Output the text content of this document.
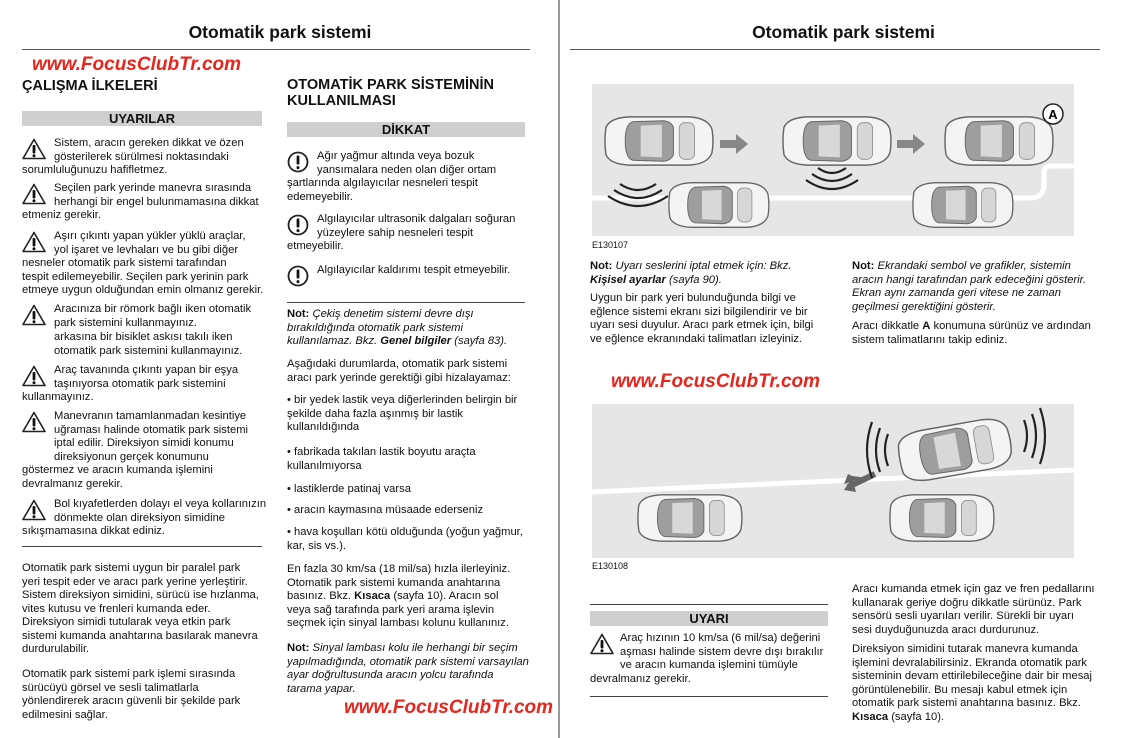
Otomatik park sistemi
ÇALIŞMA İLKELERİ
UYARILAR
Sistem, aracın gereken dikkat ve özen
gösterilerek sürülmesi noktasındaki
sorumluluğunuzu hafifletmez.
Seçilen park yerinde manevra sırasında
herhangi bir engel bulunmamasına dikkat
etmeniz gerekir.
Aşırı çıkıntı yapan yükler yüklü araçlar,
yol işaret ve levhaları ve bu gibi diğer
nesneler otomatik park sistemi tarafından
tespit edilemeyebilir. Seçilen park yerinin park
etmeye uygun olduğundan emin olmanız gerekir.
Aracınıza bir römork bağlı iken otomatik
park sistemini kullanmayınız.
arkasına bir bisiklet askısı takılı iken
otomatik park sistemini kullanmayınız.
Araç tavanında çıkıntı yapan bir eşya
taşınıyorsa otomatik park sistemini
kullanmayınız.
Manevranın tamamlanmadan kesintiye
uğraması halinde otomatik park sistemi
iptal edilir. Direksiyon simidi konumu
direksiyonun gerçek konumunu
göstermez ve aracın kumanda işlemini
devralmanız gerekir.
Bol kıyafetlerden dolayı el veya kollarınızın
dönmekte olan direksiyon simidine
sıkışmamasına dikkat ediniz.
Otomatik park sistemi uygun bir paralel park
yeri tespit eder ve aracı park yerine yerleştirir.
Sistem direksiyon simidini, sürücü ise hızlanma,
vites kutusu ve frenleri kumanda eder.
Direksiyon simidi tutularak veya etkin park
sistemi kumanda anahtarına basılarak manevra
durdurulabilir.
Otomatik park sistemi park işlemi sırasında
sürücüyü görsel ve sesli talimatlarla
yönlendirerek aracın güvenli bir şekilde park
edilmesini sağlar.
OTOMATİK PARK SİSTEMİNİN
KULLANILMASI
DİKKAT
Ağır yağmur altında veya bozuk
yansımalara neden olan diğer ortam
şartlarında algılayıcılar nesneleri tespit
edemeyebilir.
Algılayıcılar ultrasonik dalgaları soğuran
yüzeylere sahip nesneleri tespit
etmeyebilir.
Algılayıcılar kaldırımı tespit etmeyebilir.
Not: Çekiş denetim sistemi devre dışı
bırakıldığında otomatik park sistemi
kullanılamaz. Bkz. Genel bilgiler (sayfa 83).
Aşağıdaki durumlarda, otomatik park sistemi
aracı park yerinde gerektiği gibi hizalayamaz:
• bir yedek lastik veya diğerlerinden belirgin bir
şekilde daha fazla aşınmış bir lastik
kullanıldığında
• fabrikada takılan lastik boyutu araçta
kullanılmıyorsa
• lastiklerde patinaj varsa
• aracın kaymasına müsaade ederseniz
• hava koşulları kötü olduğunda (yoğun yağmur,
kar, sis vs.).
En fazla 30 km/sa (18 mil/sa) hızla ilerleyiniz.
Otomatik park sistemi kumanda anahtarına
basınız. Bkz. Kısaca (sayfa 10). Aracın sol
veya sağ tarafında park yeri arama işlevin
seçmek için sinyal lambası kolunu kullanınız.
Not: Sinyal lambası kolu ile herhangi bir seçim
yapılmadığında, otomatik park sistemi varsayılan
ayar doğrultusunda aracın yolcu tarafında
tarama yapar.
Otomatik park sistemi
A
E130107
Not: Uyarı seslerini iptal etmek için: Bkz. Kişisel ayarlar (sayfa 90).
Uygun bir park yeri bulunduğunda bilgi ve
eğlence sistemi ekranı sizi bilgilendirir ve bir
uyarı sesi duyulur. Aracı park etmek için, bilgi
ve eğlence ekranındaki talimatları izleyiniz.
Not: Ekrandaki sembol ve grafikler, sistemin
aracın hangi tarafından park edeceğini gösterir.
Ekran aynı zamanda geri vitese ne zaman
geçilmesi gerektiğini gösterir.
Aracı dikkatle A konumuna sürünüz ve ardından
sistem talimatlarını takip ediniz.
E130108
UYARI
Araç hızının 10 km/sa (6 mil/sa) değerini
aşması halinde sistem devre dışı bırakılır
ve aracın kumanda işlemini tümüyle
devralmanız gerekir.
Aracı kumanda etmek için gaz ve fren pedallarını
kullanarak geriye doğru dikkatle sürünüz. Park
sensörü sesli uyarıları verilir. Sürekli bir uyarı
sesi duyduğunuzda aracı durdurunuz.
Direksiyon simidini tutarak manevra kumanda
işlemini devralabilirsiniz. Ekranda otomatik park
sisteminin devam ettirilebileceğine dair bir mesaj
görüntülenebilir. Bu mesajı kabul etmek için
otomatik park sistemi anahtarına basınız. Bkz.
Kısaca (sayfa 10).
www.FocusClubTr.com
www.FocusClubTr.com
www.FocusClubTr.com
